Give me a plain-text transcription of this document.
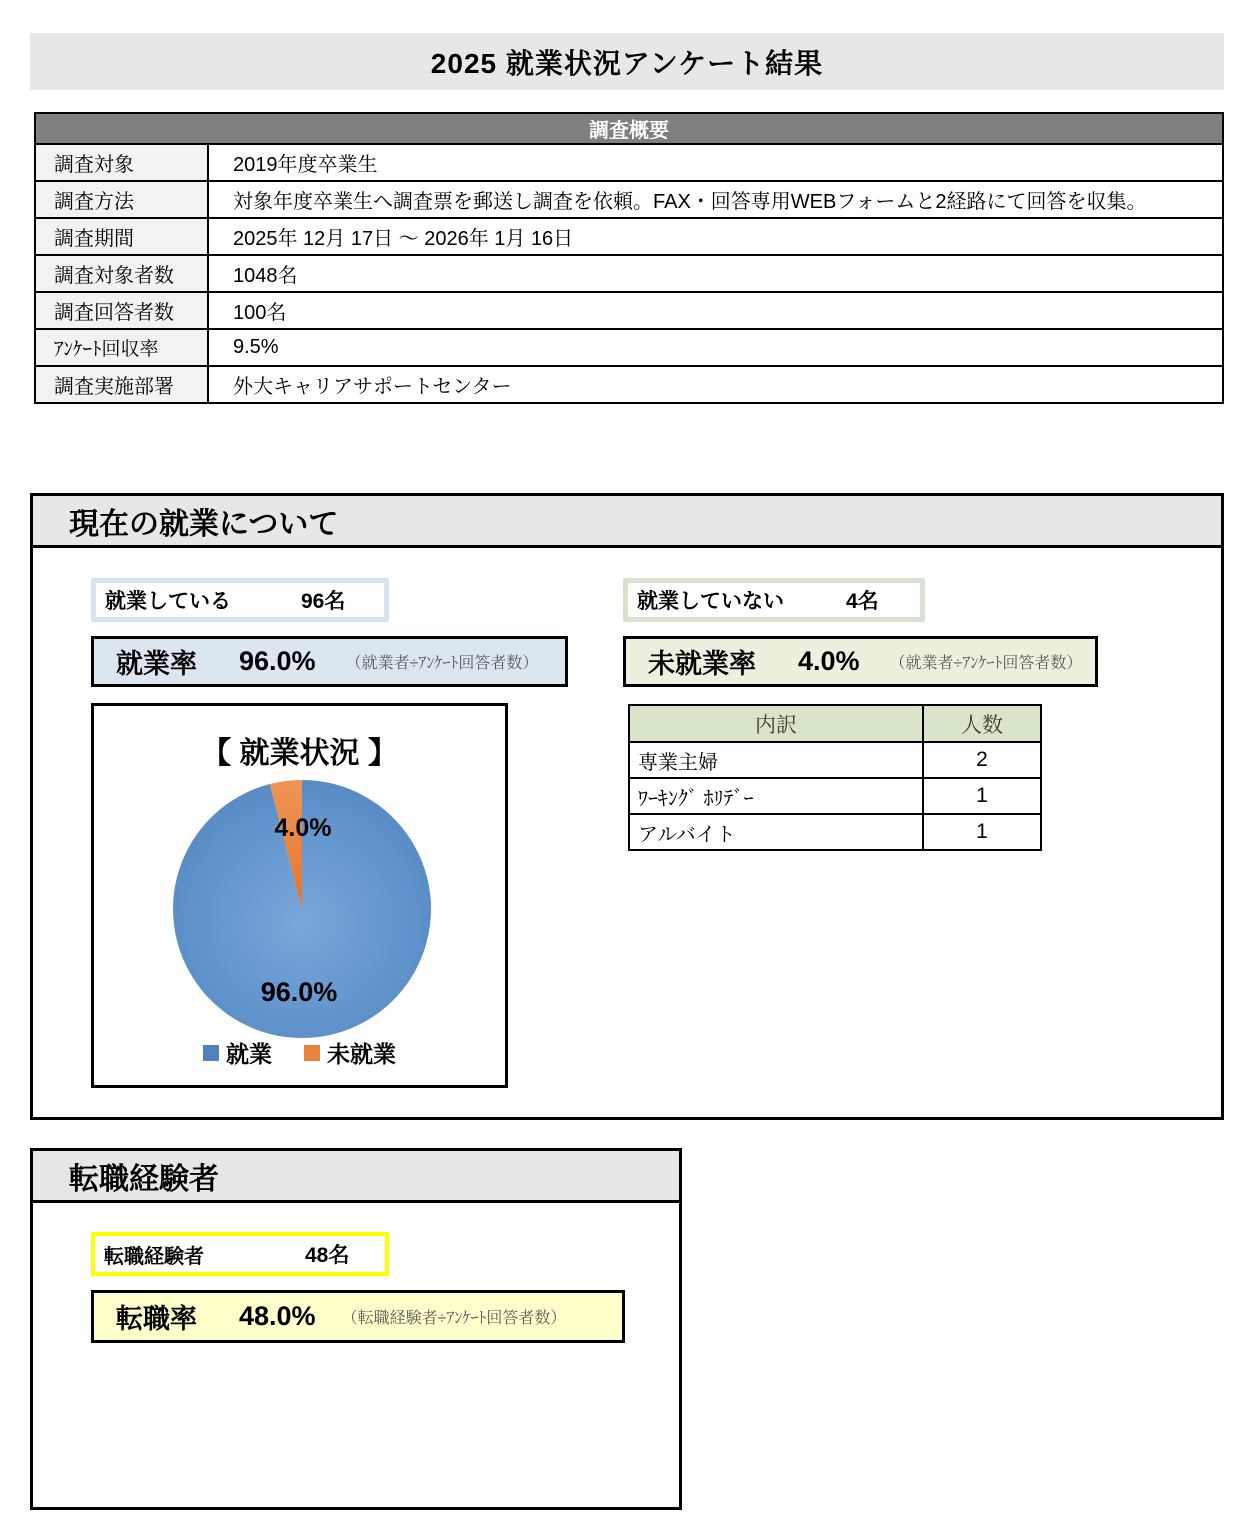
2025 就業状況アンケート結果
調査概要	
調査対象	2019年度卒業生
調査方法	対象年度卒業生へ調査票を郵送し調査を依頼。FAX・回答専用WEBフォームと2経路にて回答を収集。
調査期間	2025年 12月 17日 ～ 2026年 1月 16日
調査対象者数	1048名
調査回答者数	100名
ｱﾝｹｰﾄ回収率	9.5%
調査実施部署	外大キャリアサポートセンター
現在の就業について
就業している	96名
就業率 96.0% （就業者÷ｱﾝｹｰﾄ回答者数）
就業していない	4名
未就業率 4.0% （就業者÷ｱﾝｹｰﾄ回答者数）
内訳	人数
専業主婦	2
ﾜｰｷﾝｸﾞ ﾎﾘﾃﾞｰ	1
アルバイト	1
【 就業状況 】
4.0%
96.0%
就業 未就業
転職経験者
転職経験者	48名
転職率 48.0% （転職経験者÷ｱﾝｹｰﾄ回答者数）
